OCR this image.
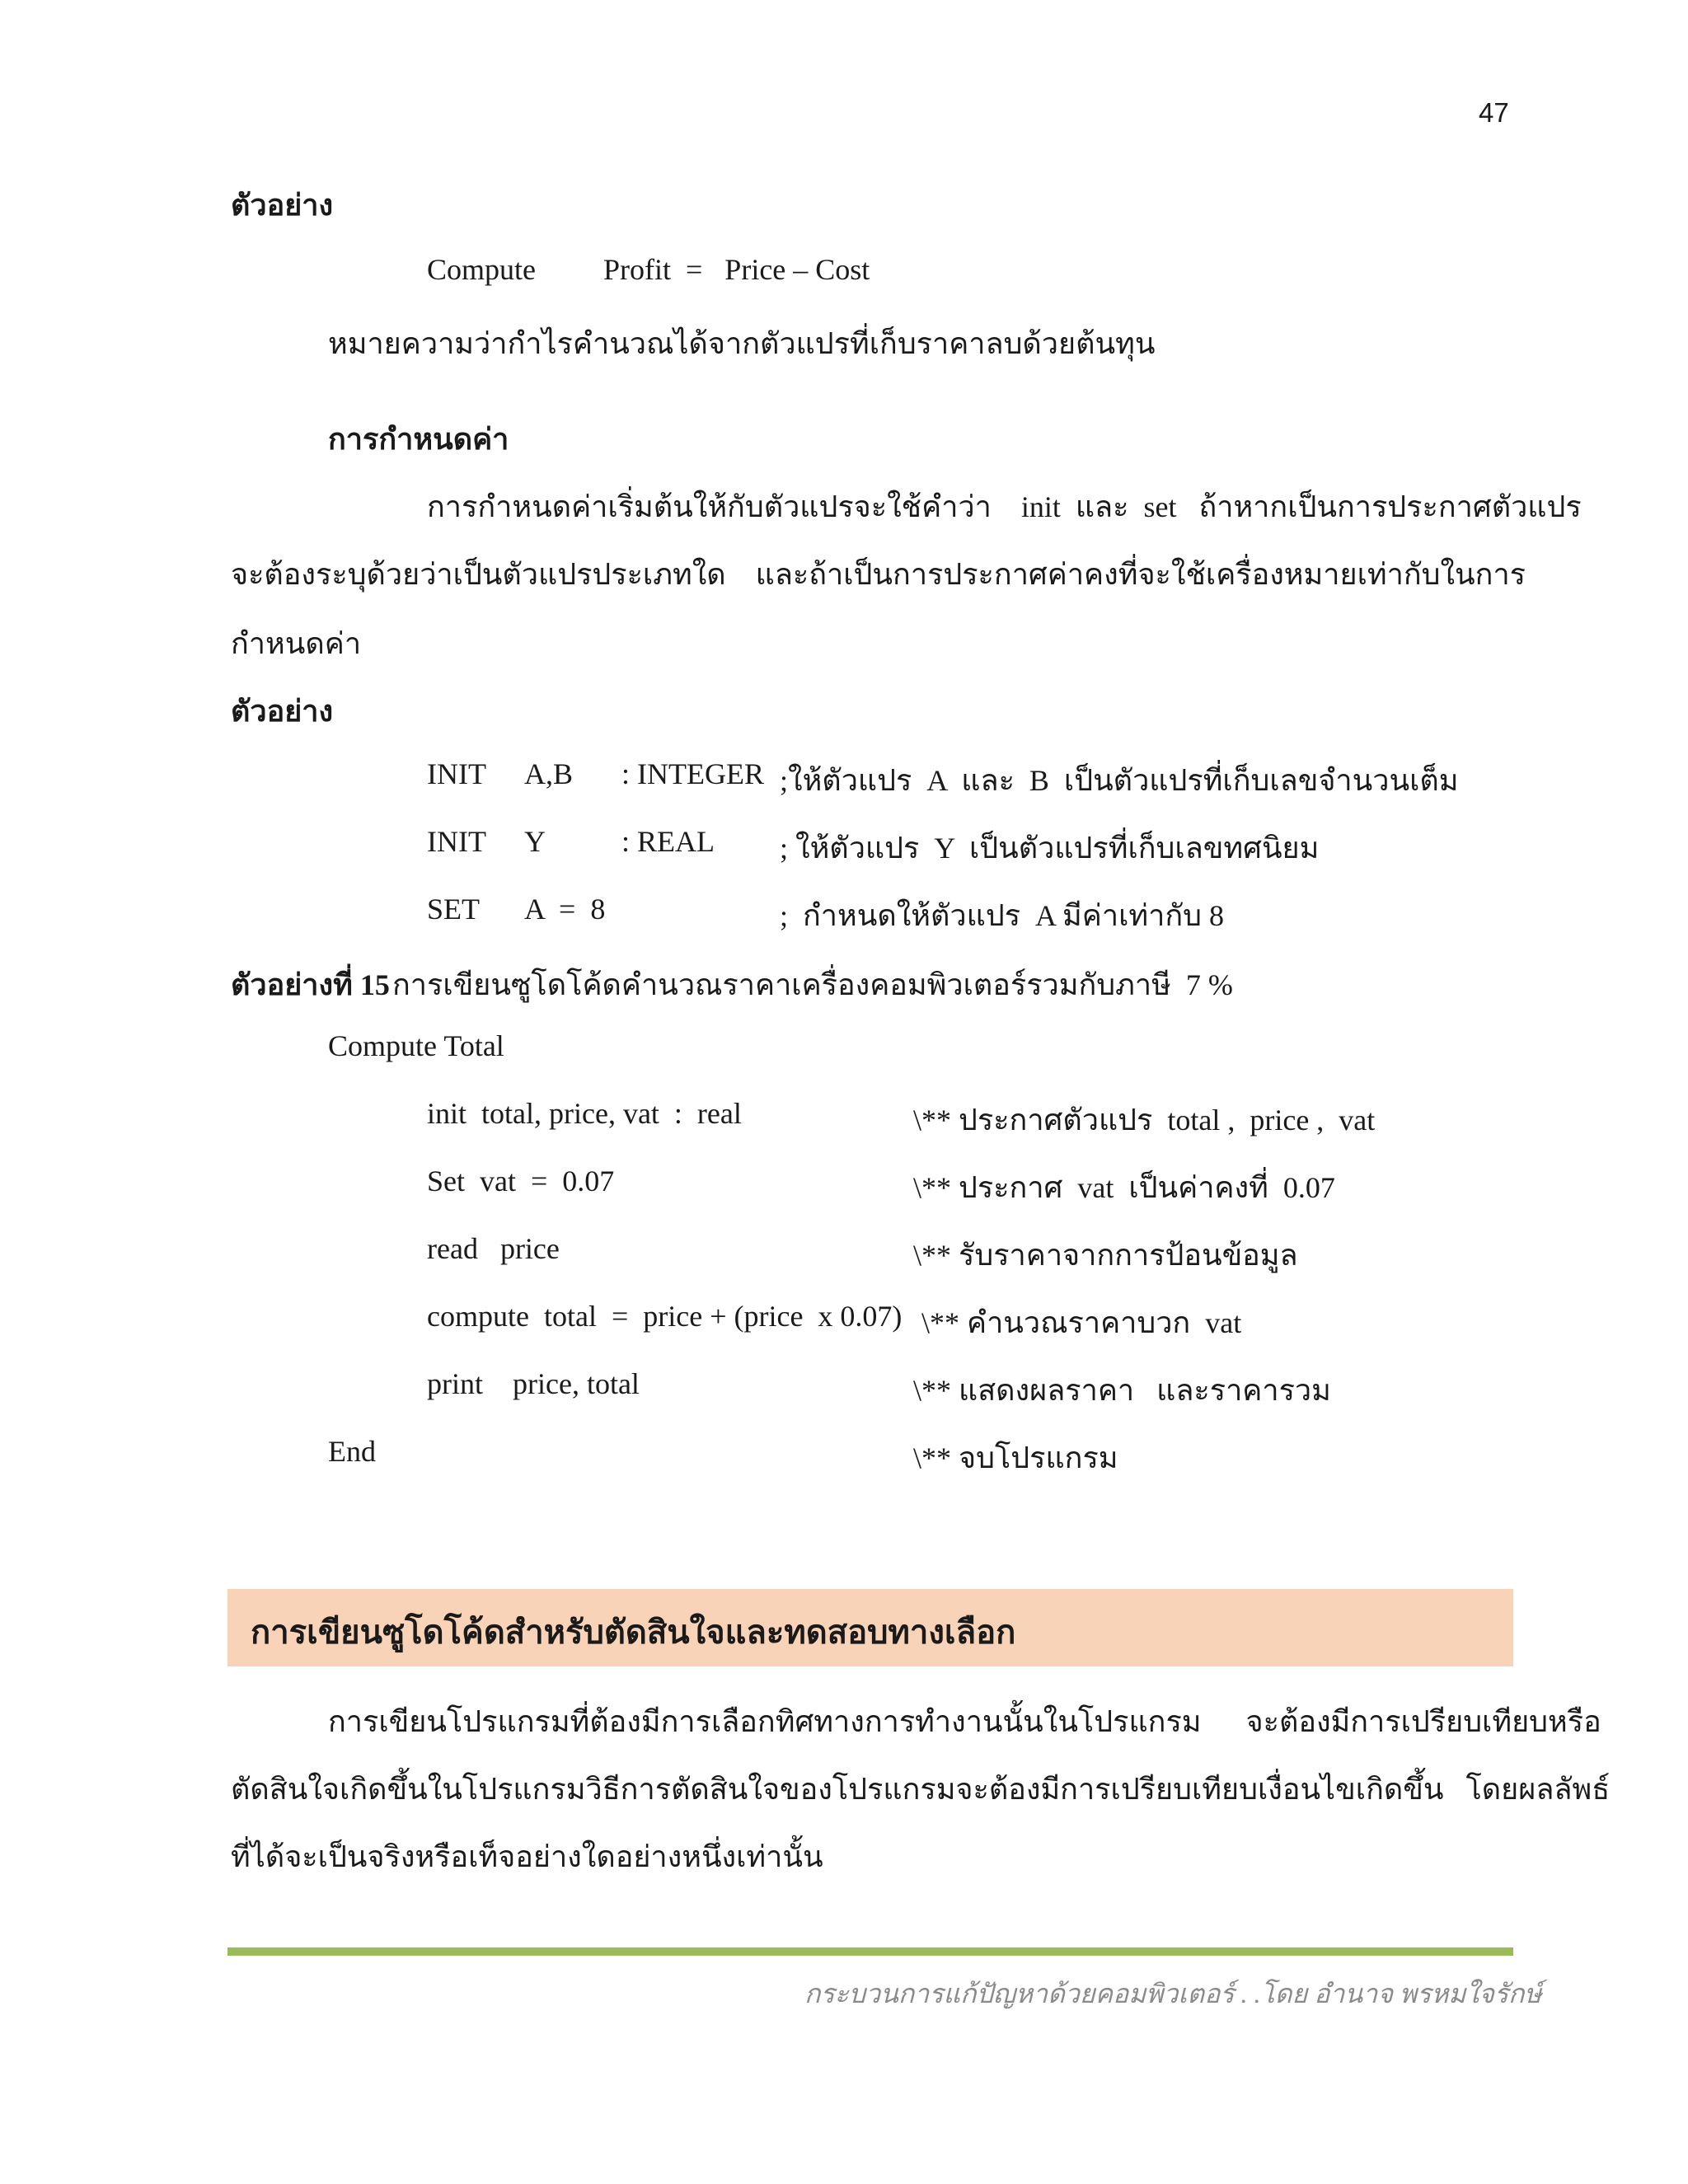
47
ตัวอย่าง
Compute Profit  =   Price – Cost
หมายความว่ากำไรคำนวณได้จากตัวแปรที่เก็บราคาลบด้วยต้นทุน
การกำหนดค่า
การกำหนดค่าเริ่มต้นให้กับตัวแปรจะใช้คำว่า    init  และ  set   ถ้าหากเป็นการประกาศตัวแปร
จะต้องระบุด้วยว่าเป็นตัวแปรประเภทใด    และถ้าเป็นการประกาศค่าคงที่จะใช้เครื่องหมายเท่ากับในการ
กำหนดค่า
ตัวอย่าง
INIT A,B : INTEGER ;ให้ตัวแปร  A  และ  B  เป็นตัวแปรที่เก็บเลขจำนวนเต็ม
INIT Y	: REAL ; ให้ตัวแปร  Y  เป็นตัวแปรที่เก็บเลขทศนิยม
SET A  =  8	;  กำหนดให้ตัวแปร  A มีค่าเท่ากับ 8
ตัวอย่างที่ 15 การเขียนซูโดโค้ดคำนวณราคาเครื่องคอมพิวเตอร์รวมกับภาษี  7 %
Compute Total
init  total, price, vat  :  real	\** ประกาศตัวแปร  total ,  price ,  vat
Set  vat  =  0.07	\** ประกาศ  vat  เป็นค่าคงที่  0.07
read   price	\** รับราคาจากการป้อนข้อมูล
compute  total  =  price + (price  x 0.07) \** คำนวณราคาบวก  vat
print    price, total	\** แสดงผลราคา   และราคารวม
End	\** จบโปรแกรม
การเขียนซูโดโค้ดสำหรับตัดสินใจและทดสอบทางเลือก
การเขียนโปรแกรมที่ต้องมีการเลือกทิศทางการทำงานนั้นในโปรแกรม      จะต้องมีการเปรียบเทียบหรือ
ตัดสินใจเกิดขึ้นในโปรแกรมวิธีการตัดสินใจของโปรแกรมจะต้องมีการเปรียบเทียบเงื่อนไขเกิดขึ้น   โดยผลลัพธ์
ที่ได้จะเป็นจริงหรือเท็จอย่างใดอย่างหนึ่งเท่านั้น
กระบวนการแก้ปัญหาด้วยคอมพิวเตอร์ . .โดย อำนาจ พรหมใจรักษ์
